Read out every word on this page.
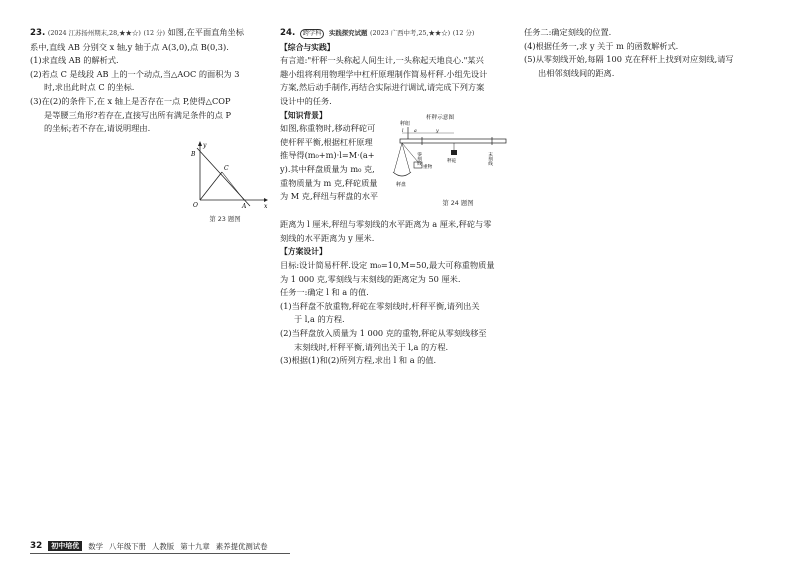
23. (2024 江苏扬州期末,28,★★☆) (12 分) 如图,在平面直角坐标

系中,直线 AB 分别交 x 轴,y 轴于点 A(3,0),点 B(0,3).

(1)求直线 AB 的解析式.

(2)若点 C 是线段 AB 上的一个动点,当△AOC 的面积为 3

时,求出此时点 C 的坐标.

(3)在(2)的条件下,在 x 轴上是否存在一点 P,使得△COP

是等腰三角形?若存在,直接写出所有满足条件的点 P

的坐标;若不存在,请说明理由.

B
C
O	A	x
y
第 23 题图
24. 跨学科 实践探究试题 (2023 广西中考,25,★★☆) (12 分)

【综合与实践】

有言道:"杆秤一头称起人间生计,一头称起天地良心."某兴

趣小组将利用物理学中杠杆原理制作简易杆秤.小组先设计

方案,然后动手制作,再结合实际进行调试,请完成下列方案

设计中的任务.

【知识背景】

如图,称重物时,移动秤砣可

使杆秤平衡,根据杠杆原理

推导得(m₀+m)·l=M·(a+

y).其中秤盘质量为 m₀ 克,

重物质量为 m 克,秤砣质量

为 M 克,秤纽与秤盘的水平

距离为 l 厘米,秤纽与零刻线的水平距离为 a 厘米,秤砣与零

刻线的水平距离为 y 厘米.

【方案设计】

目标:设计简易杆秤.设定 m₀=10,M=50,最大可称重物质量

为 1 000 克,零刻线与末刻线的距离定为 50 厘米.

任务一:确定 l 和 a 的值.

(1)当秤盘不放重物,秤砣在零刻线时,杆秤平衡,请列出关

于 l,a 的方程.

(2)当秤盘放入质量为 1 000 克的重物,秤砣从零刻线移至

末刻线时,杆秤平衡,请列出关于 l,a 的方程.

(3)根据(1)和(2)所列方程,求出 l 和 a 的值.

杆秤示意图
秤纽
秤盘
重物
零刻线	秤砣	末刻线
l a	y
第 24 题图

任务二:确定刻线的位置.

(4)根据任务一,求 y 关于 m 的函数解析式.

(5)从零刻线开始,每隔 100 克在秤杆上找到对应刻线,请写

出相邻刻线间的距离.

32	初中培优	数学 八年级下册 人教版 第十九章 素养提优测试卷
